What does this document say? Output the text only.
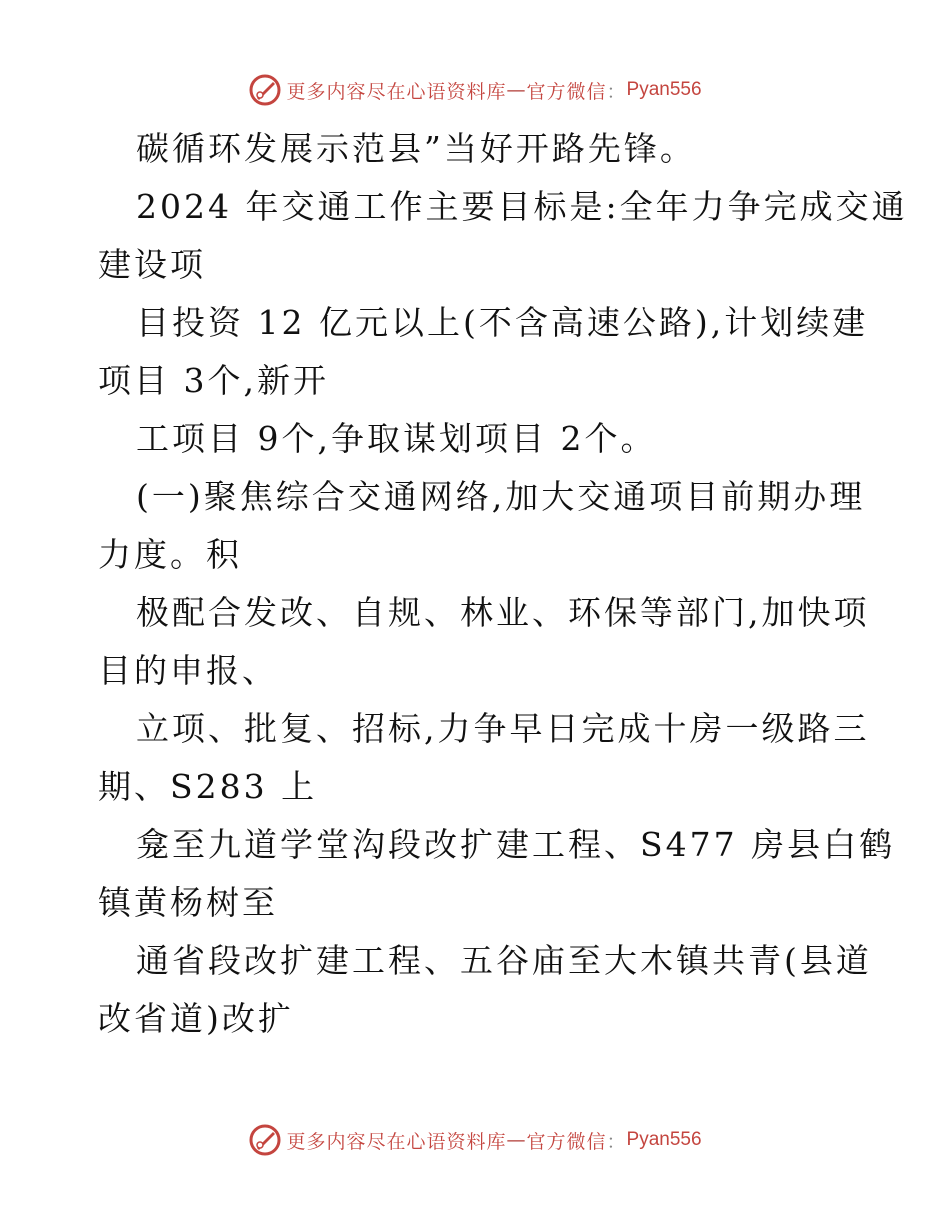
更多内容尽在心语资料库 — 官方微信 ： Pyan556
碳循环发展示范县”当好开路先锋。
2024 年交通工作主要目标是:全年力争完成交通
建设项
目投资 12 亿元以上(不含高速公路),计划续建
项目 3个,新开
工项目 9个,争取谋划项目 2个。
(一)聚焦综合交通网络,加大交通项目前期办理
力度。积
极配合发改、自规、林业、环保等部门,加快项
目的申报、
立项、批复、招标,力争早日完成十房一级路三
期、S283 上
龛至九道学堂沟段改扩建工程、S477 房县白鹤
镇黄杨树至
通省段改扩建工程、五谷庙至大木镇共青(县道
改省道)改扩
更多内容尽在心语资料库 — 官方微信 ： Pyan556
